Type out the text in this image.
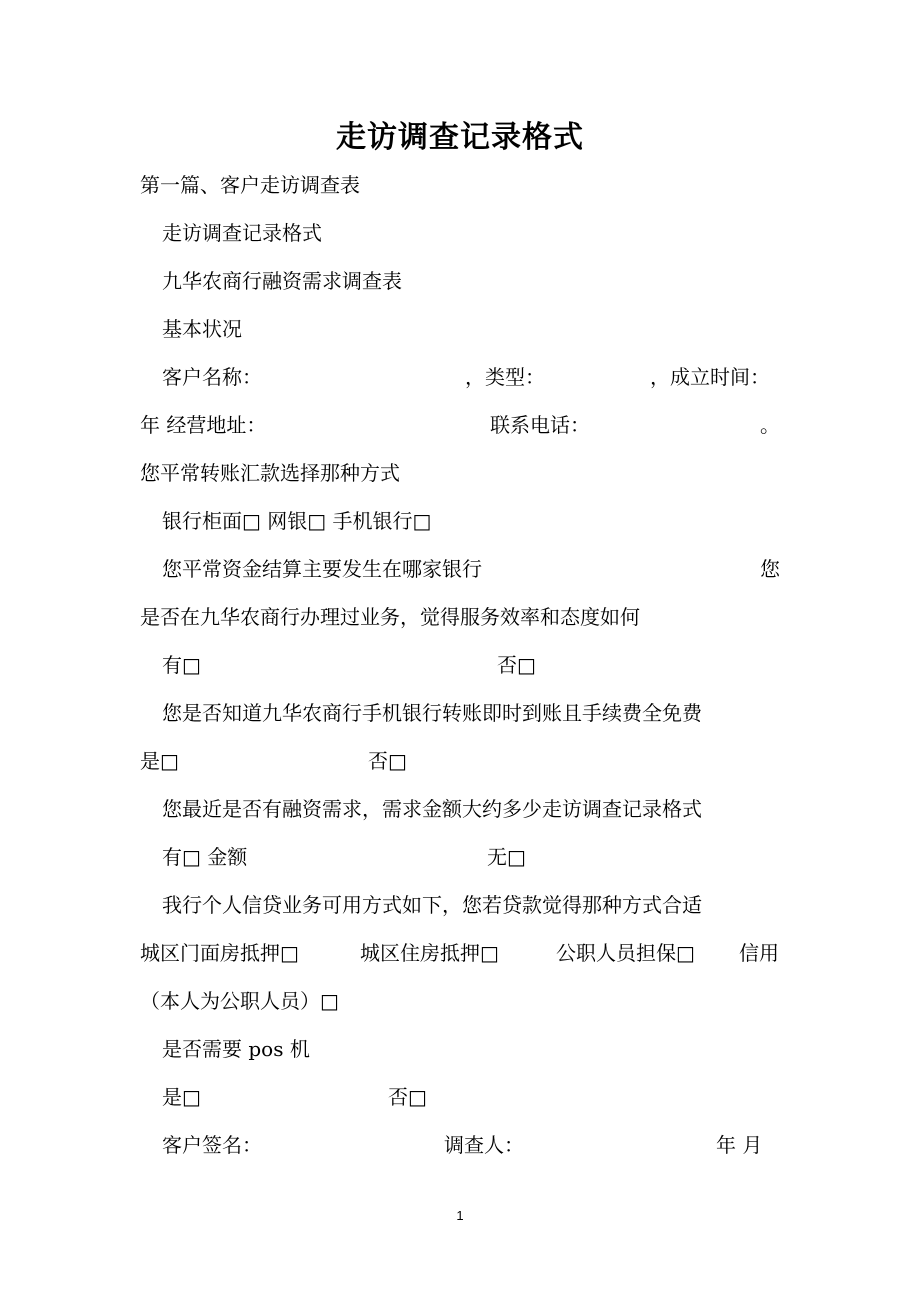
走访调查记录格式
第一篇、客户走访调查表
走访调查记录格式
九华农商行融资需求调查表
基本状况
客户名称：	，类型：	，成立时间：
年 经营地址：	联系电话：	。
您平常转账汇款选择那种方式
银行柜面□ 网银□ 手机银行□
您平常资金结算主要发生在哪家银行	您
是否在九华农商行办理过业务，觉得服务效率和态度如何
有□	否□
您是否知道九华农商行手机银行转账即时到账且手续费全免费
是□	否□
您最近是否有融资需求，需求金额大约多少走访调查记录格式
有□ 金额	无□
我行个人信贷业务可用方式如下，您若贷款觉得那种方式合适
城区门面房抵押□	城区住房抵押□	公职人员担保□ 信用
（本人为公职人员）□
是否需要 pos 机
是□	否□
客户签名：	调查人：	年 月
1
